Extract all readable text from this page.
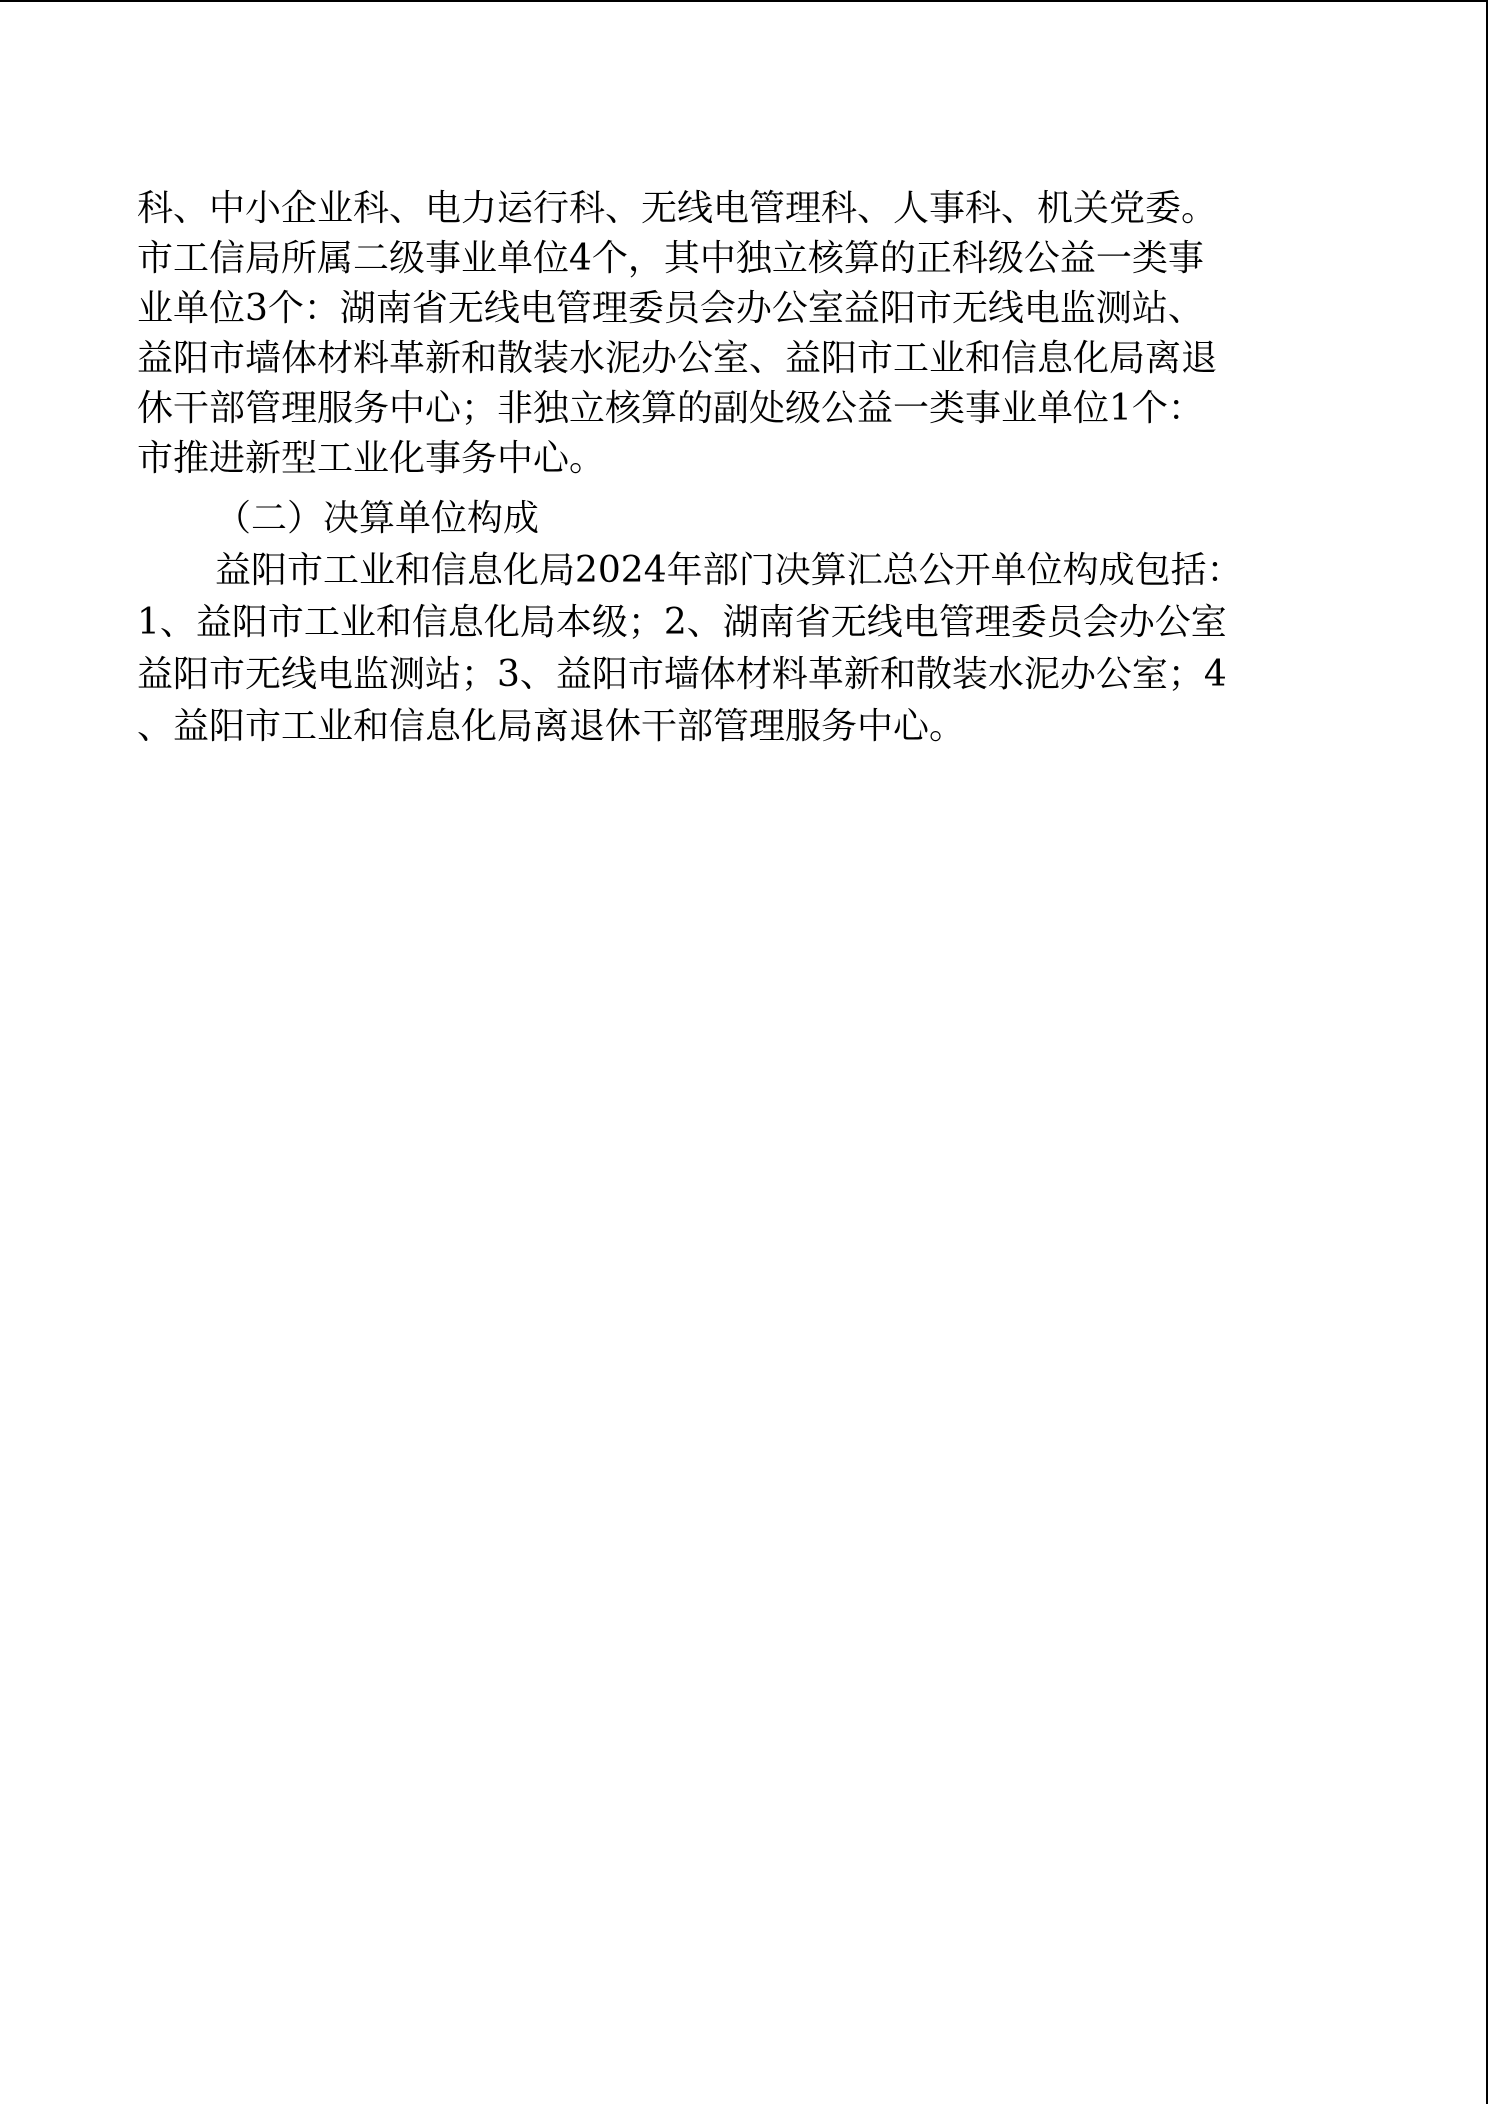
科、中小企业科、电力运行科、无线电管理科、人事科、机关党委。
市工信局所属二级事业单位4个，其中独立核算的正科级公益一类事
业单位3个：湖南省无线电管理委员会办公室益阳市无线电监测站、
益阳市墙体材料革新和散装水泥办公室、益阳市工业和信息化局离退
休干部管理服务中心；非独立核算的副处级公益一类事业单位1个：
市推进新型工业化事务中心。
（二）决算单位构成
益阳市工业和信息化局2024年部门决算汇总公开单位构成包括：
1、益阳市工业和信息化局本级；2、湖南省无线电管理委员会办公室
益阳市无线电监测站；3、益阳市墙体材料革新和散装水泥办公室；4
、益阳市工业和信息化局离退休干部管理服务中心。
